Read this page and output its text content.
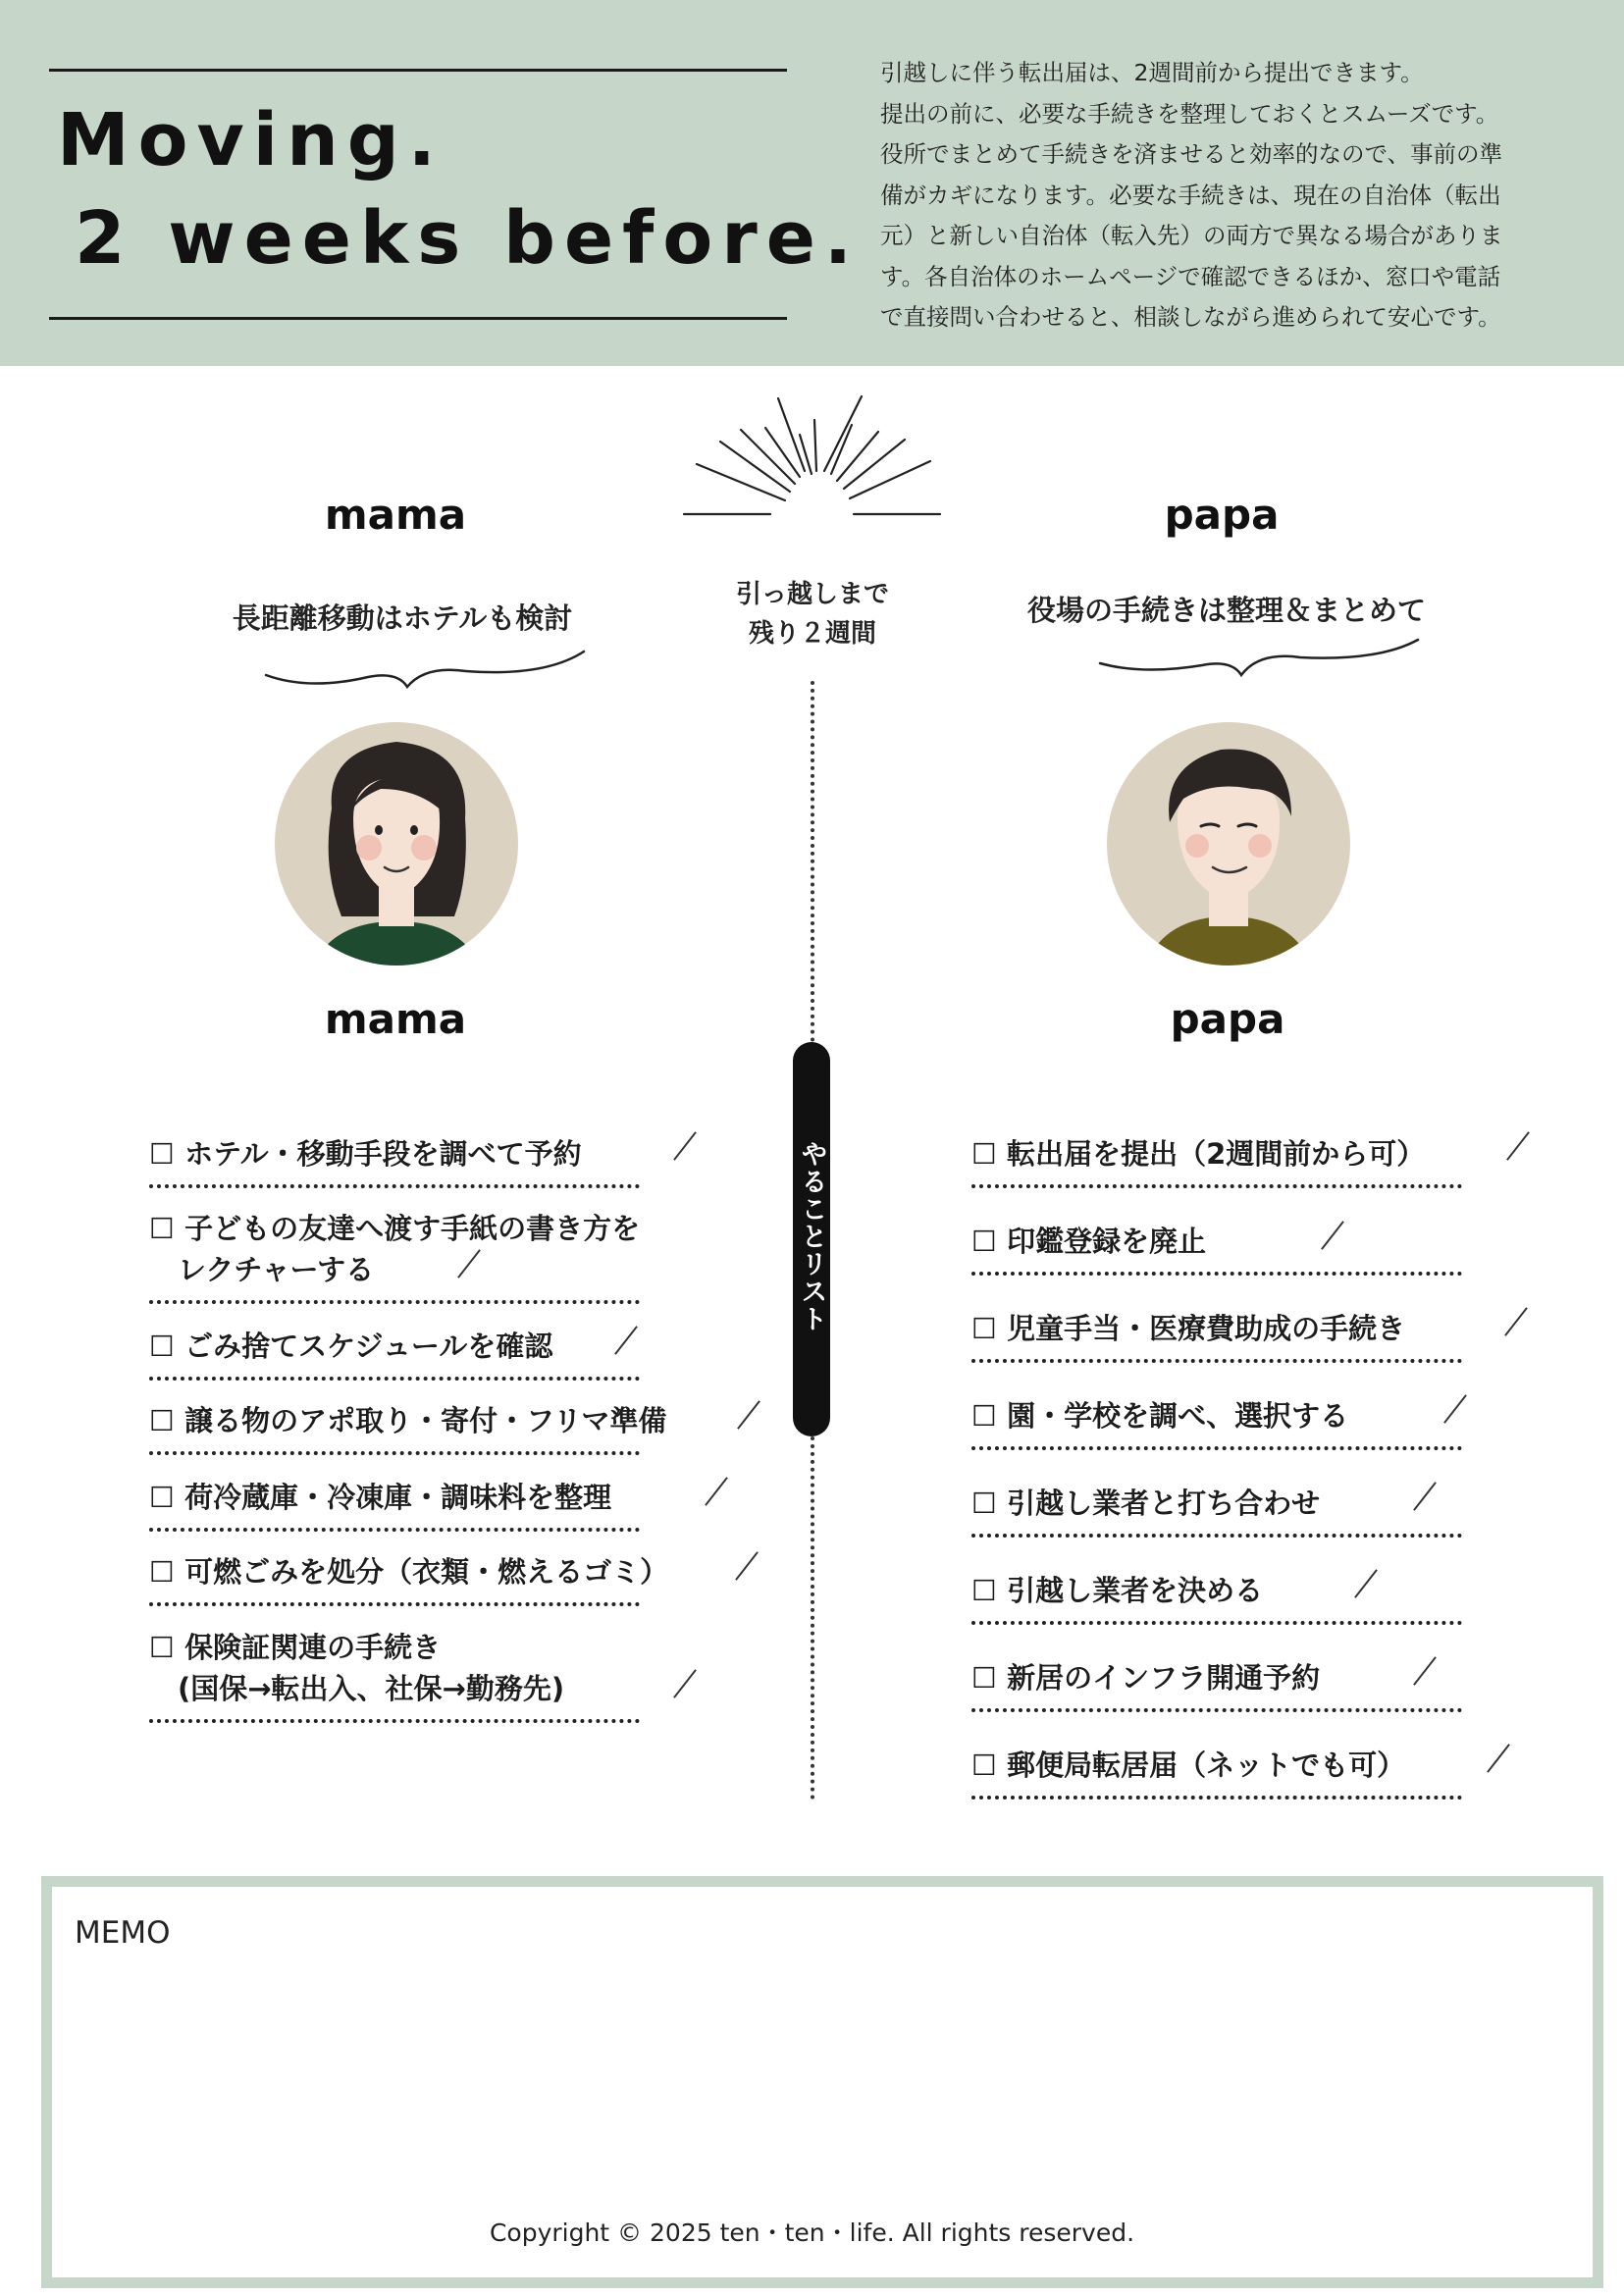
Moving.
2 weeks before.
引越しに伴う転出届は、2週間前から提出できます。
提出の前に、必要な手続きを整理しておくとスムーズです。
役所でまとめて手続きを済ませると効率的なので、事前の準
備がカギになります。必要な手続きは、現在の自治体（転出
元）と新しい自治体（転入先）の両方で異なる場合がありま
す。各自治体のホームページで確認できるほか、窓口や電話
で直接問い合わせると、相談しながら進められて安心です。
mama	papa
長距離移動はホテルも検討	役場の手続きは整理＆まとめて
引っ越しまで
残り２週間
やることリスト
mama	papa
☐ ホテル・移動手段を調べて予約
☐ 子どもの友達へ渡す手紙の書き方を
　レクチャーする
☐ ごみ捨てスケジュールを確認
☐ 譲る物のアポ取り・寄付・フリマ準備
☐ 荷冷蔵庫・冷凍庫・調味料を整理
☐ 可燃ごみを処分（衣類・燃えるゴミ）
☐ 保険証関連の手続き
　(国保→転出入、社保→勤務先)
☐ 転出届を提出（2週間前から可）
☐ 印鑑登録を廃止
☐ 児童手当・医療費助成の手続き
☐ 園・学校を調べ、選択する
☐ 引越し業者と打ち合わせ
☐ 引越し業者を決める
☐ 新居のインフラ開通予約
☐ 郵便局転居届（ネットでも可）
MEMO
Copyright © 2025 ten・ten・life. All rights reserved.
